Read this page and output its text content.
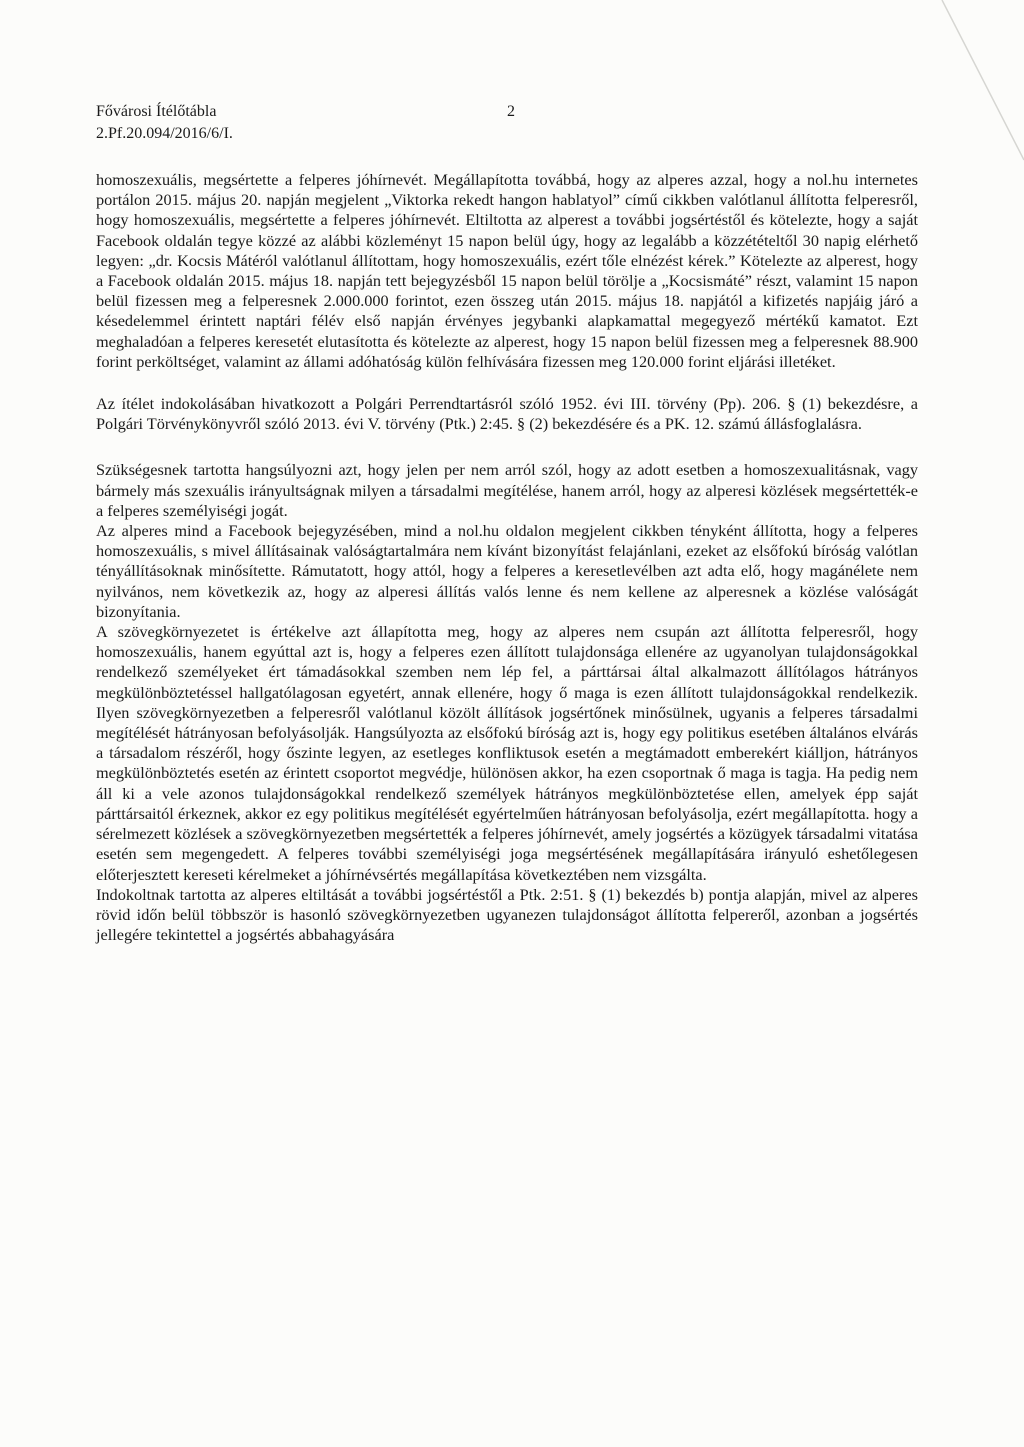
Fővárosi Ítélőtábla
2.Pf.20.094/2016/6/I.
2

homoszexuális, megsértette a felperes jóhírnevét. Megállapította továbbá, hogy az alperes azzal, hogy a nol.hu internetes portálon 2015. május 20. napján megjelent „Viktorka rekedt hangon hablatyol” című cikkben valótlanul állította felperesről, hogy homoszexuális, megsértette a felperes jóhírnevét. Eltiltotta az alperest a további jogsértéstől és kötelezte, hogy a saját Facebook oldalán tegye közzé az alábbi közleményt 15 napon belül úgy, hogy az legalább a közzétételtől 30 napig elérhető legyen: „dr. Kocsis Mátéról valótlanul állítottam, hogy homoszexuális, ezért tőle elnézést kérek.” Kötelezte az alperest, hogy a Facebook oldalán 2015. május 18. napján tett bejegyzésből 15 napon belül törölje a „Kocsismáté” részt, valamint 15 napon belül fizessen meg a felperesnek 2.000.000 forintot, ezen összeg után 2015. május 18. napjától a kifizetés napjáig járó a késedelemmel érintett naptári félév első napján érvényes jegybanki alapkamattal megegyező mértékű kamatot. Ezt meghaladóan a felperes keresetét elutasította és kötelezte az alperest, hogy 15 napon belül fizessen meg a felperesnek 88.900 forint perköltséget, valamint az állami adóhatóság külön felhívására fizessen meg 120.000 forint eljárási illetéket.

Az ítélet indokolásában hivatkozott a Polgári Perrendtartásról szóló 1952. évi III. törvény (Pp). 206. § (1) bekezdésre, a Polgári Törvénykönyvről szóló 2013. évi V. törvény (Ptk.) 2:45. § (2) bekezdésére és a PK. 12. számú állásfoglalásra.

Szükségesnek tartotta hangsúlyozni azt, hogy jelen per nem arról szól, hogy az adott esetben a homoszexualitásnak, vagy bármely más szexuális irányultságnak milyen a társadalmi megítélése, hanem arról, hogy az alperesi közlések megsértették-e a felperes személyiségi jogát.

Az alperes mind a Facebook bejegyzésében, mind a nol.hu oldalon megjelent cikkben tényként állította, hogy a felperes homoszexuális, s mivel állításainak valóságtartalmára nem kívánt bizonyítást felajánlani, ezeket az elsőfokú bíróság valótlan tényállításoknak minősítette. Rámutatott, hogy attól, hogy a felperes a keresetlevélben azt adta elő, hogy magánélete nem nyilvános, nem következik az, hogy az alperesi állítás valós lenne és nem kellene az alperesnek a közlése valóságát bizonyítania.

A szövegkörnyezetet is értékelve azt állapította meg, hogy az alperes nem csupán azt állította felperesről, hogy homoszexuális, hanem egyúttal azt is, hogy a felperes ezen állított tulajdonsága ellenére az ugyanolyan tulajdonságokkal rendelkező személyeket ért támadásokkal szemben nem lép fel, a párttársai által alkalmazott állítólagos hátrányos megkülönböztetéssel hallgatólagosan egyetért, annak ellenére, hogy ő maga is ezen állított tulajdonságokkal rendelkezik. Ilyen szövegkörnyezetben a felperesről valótlanul közölt állítások jogsértőnek minősülnek, ugyanis a felperes társadalmi megítélését hátrányosan befolyásolják. Hangsúlyozta az elsőfokú bíróság azt is, hogy egy politikus esetében általános elvárás a társadalom részéről, hogy őszinte legyen, az esetleges konfliktusok esetén a megtámadott emberekért kiálljon, hátrányos megkülönböztetés esetén az érintett csoportot megvédje, hülönösen akkor, ha ezen csoportnak ő maga is tagja. Ha pedig nem áll ki a vele azonos tulajdonságokkal rendelkező személyek hátrányos megkülönböztetése ellen, amelyek épp saját párttársaitól érkeznek, akkor ez egy politikus megítélését egyértelműen hátrányosan befolyásolja, ezért megállapította. hogy a sérelmezett közlések a szövegkörnyezetben megsértették a felperes jóhírnevét, amely jogsértés a közügyek társadalmi vitatása esetén sem megengedett. A felperes további személyiségi joga megsértésének megállapítására irányuló eshetőlegesen előterjesztett kereseti kérelmeket a jóhírnévsértés megállapítása következtében nem vizsgálta.

Indokoltnak tartotta az alperes eltiltását a további jogsértéstől a Ptk. 2:51. § (1) bekezdés b) pontja alapján, mivel az alperes rövid időn belül többször is hasonló szövegkörnyezetben ugyanezen tulajdonságot állította felpereről, azonban a jogsértés jellegére tekintettel a jogsértés abbahagyására
